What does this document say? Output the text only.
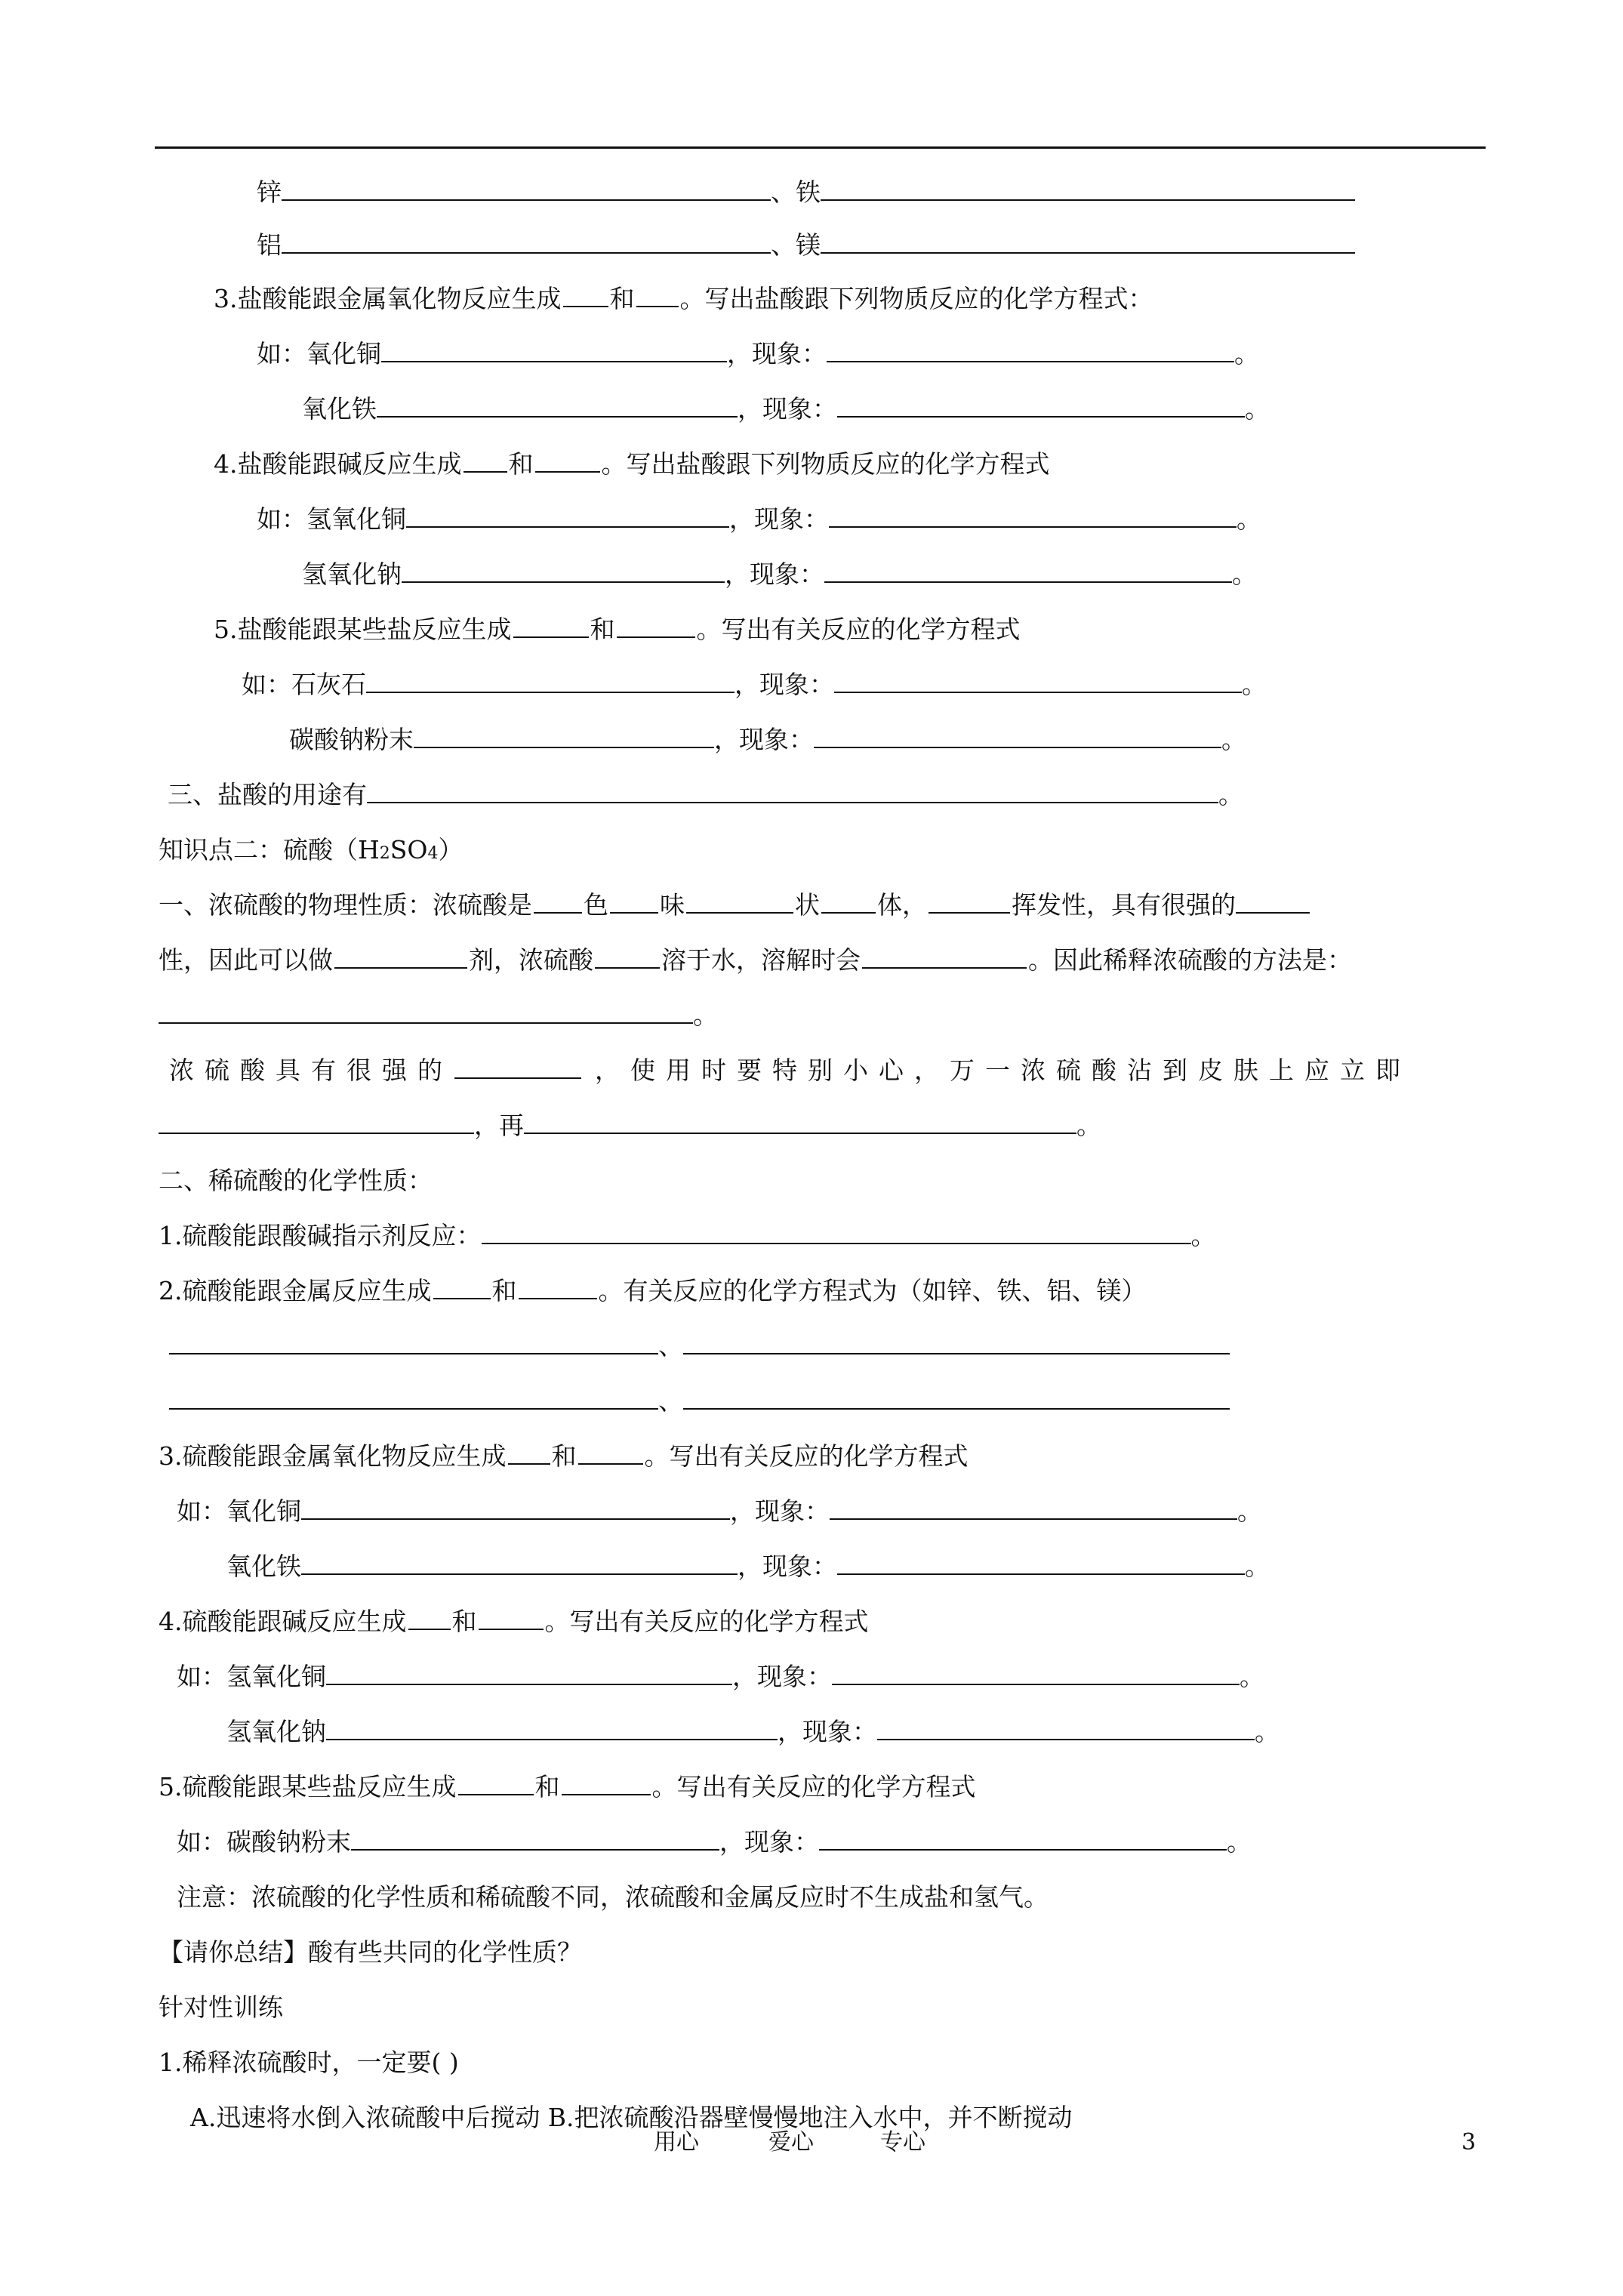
锌	、铁
铝	、镁
3.盐酸能跟金属氧化物反应生成 和 。写出盐酸跟下列物质反应的化学方程式：
如：氧化铜	，现象：	。
氧化铁	，现象：	。
4.盐酸能跟碱反应生成 和	。写出盐酸跟下列物质反应的化学方程式
如：氢氧化铜	，现象：	。
氢氧化钠	，现象：	。
5.盐酸能跟某些盐反应生成	和	。写出有关反应的化学方程式
如：石灰石	，现象：	。
碳酸钠粉末	，现象：	。
三、盐酸的用途有	。
知识点二：硫酸（H2SO4）
一、浓硫酸的物理性质：浓硫酸是 色 味	状 体，	挥发性，具有很强的
性，因此可以做	剂，浓硫酸	溶于水，溶解时会	。因此稀释浓硫酸的方法是：
。
浓硫酸具有很强的	，使用时要特别小心，万一浓硫酸沾到皮肤上应立即
，再	。
二、稀硫酸的化学性质：
1.硫酸能跟酸碱指示剂反应：	。
2.硫酸能跟金属反应生成 和	。有关反应的化学方程式为（如锌、铁、铝、镁）
、
、
3.硫酸能跟金属氧化物反应生成 和	。写出有关反应的化学方程式
如：氧化铜	，现象：	。
氧化铁	，现象：	。
4.硫酸能跟碱反应生成 和	。写出有关反应的化学方程式
如：氢氧化铜	，现象：	。
氢氧化钠	，现象：	。
5.硫酸能跟某些盐反应生成	和	。写出有关反应的化学方程式
如：碳酸钠粉末	，现象：	。
注意：浓硫酸的化学性质和稀硫酸不同，浓硫酸和金属反应时不生成盐和氢气。
【请你总结】酸有些共同的化学性质？
针对性训练
1.稀释浓硫酸时，一定要( )
A.迅速将水倒入浓硫酸中后搅动 B.把浓硫酸沿器壁慢慢地注入水中，并不断搅动
用心	爱心	专心	3
